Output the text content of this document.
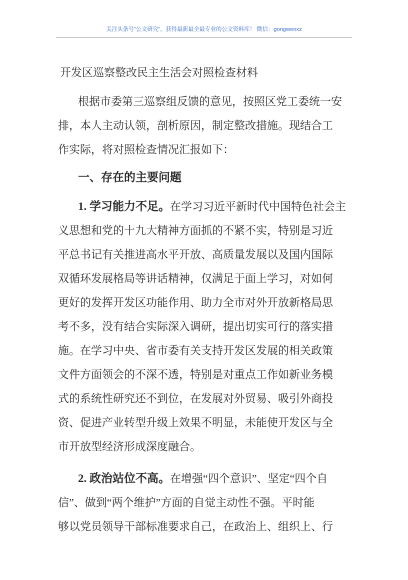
关注头条号“公文研究”，获得最新最全最专业的公文资料库！ 微信：gongwenxz
开发区巡察整改民主生活会对照检查材料
根据市委第三巡察组反馈的意见，按照区党工委统一安
排，本人主动认领，剖析原因，制定整改措施。现结合工
作实际，将对照检查情况汇报如下：
一、存在的主要问题
1. 学习能力不足。在学习习近平新时代中国特色社会主
义思想和党的十九大精神方面抓的不紧不实，特别是习近
平总书记有关推进高水平开放、高质量发展以及国内国际
双循环发展格局等讲话精神，仅满足于面上学习，对如何
更好的发挥开发区功能作用、助力全市对外开放新格局思
考不多，没有结合实际深入调研，提出切实可行的落实措
施。在学习中央、省市委有关支持开发区发展的相关政策
文件方面领会的不深不透，特别是对重点工作如新业务模
式的系统性研究还不到位，在发展对外贸易、吸引外商投
资、促进产业转型升级上效果不明显，未能使开发区与全
市开放型经济形成深度融合。
2. 政治站位不高。在增强“四个意识”、坚定“四个自
信”、做到“两个维护”方面的自觉主动性不强。平时能
够以党员领导干部标准要求自己，在政治上、组织上、行
